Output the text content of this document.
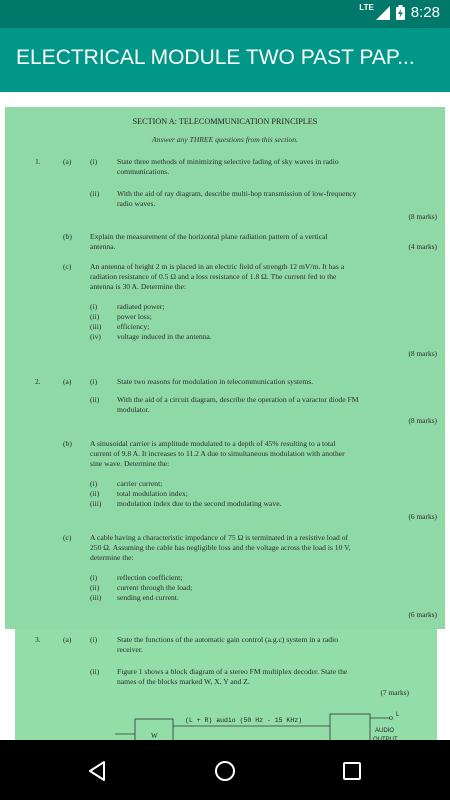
LTE 8:28
ELECTRICAL MODULE TWO PAST PAP...
SECTION A: TELECOMMUNICATION PRINCIPLES
Answer any THREE questions from this section.
1.	(a) (i)	State three methods of minimizing selective fading of sky waves in radio
communications.
(ii) With the aid of ray diagram, describe multi-hop transmission of low-frequency
radio waves.
(8 marks)
(b) Explain the measurement of the horizontal plane radiation pattern of a vertical
antenna.	(4 marks)
(c) An antenna of height 2 m is placed in an electric field of strength 12 mV/m. It has a
radiation resistance of 0.5 Ω and a loss resistance of 1.8 Ω. The current fed to the
antenna is 30 A. Determine the:
(i)	radiated power;
(ii) power loss;
(iii) efficiency;
(iv) voltage induced in the antenna.
(8 marks)
2.	(a) (i)	State two reasons for modulation in telecommunication systems.
(ii) With the aid of a circuit diagram, describe the operation of a varactor diode FM
modulator.
(8 marks)
(b) A sinusoidal carrier is amplitude modulated to a depth of 45% resulting to a total
current of 9.8 A. It increases to 11.2 A due to simultaneous modulation with another
sine wave. Determine the:
(i)	carrier current;
(ii) total modulation index;
(iii) modulation index due to the second modulating wave.
(6 marks)
(c) A cable having a characteristic impedance of 75 Ω is terminated in a resistive load of
250 Ω. Assuming the cable has negligible loss and the voltage across the load is 10 V,
determine the:
(i)	reflection coefficient;
(ii) current through the load;
(iii) sending end current.
(6 marks)
3.	(a) (i)	State the functions of the automatic gain control (a.g.c) system in a radio
receiver.
(ii) Figure 1 shows a block diagram of a stereo FM multiplex decoder. State the
names of the blocks marked W, X, Y and Z.
(7 marks)
W
(L + R) audio (50 Hz - 15 KHz)
L
AUDIO
